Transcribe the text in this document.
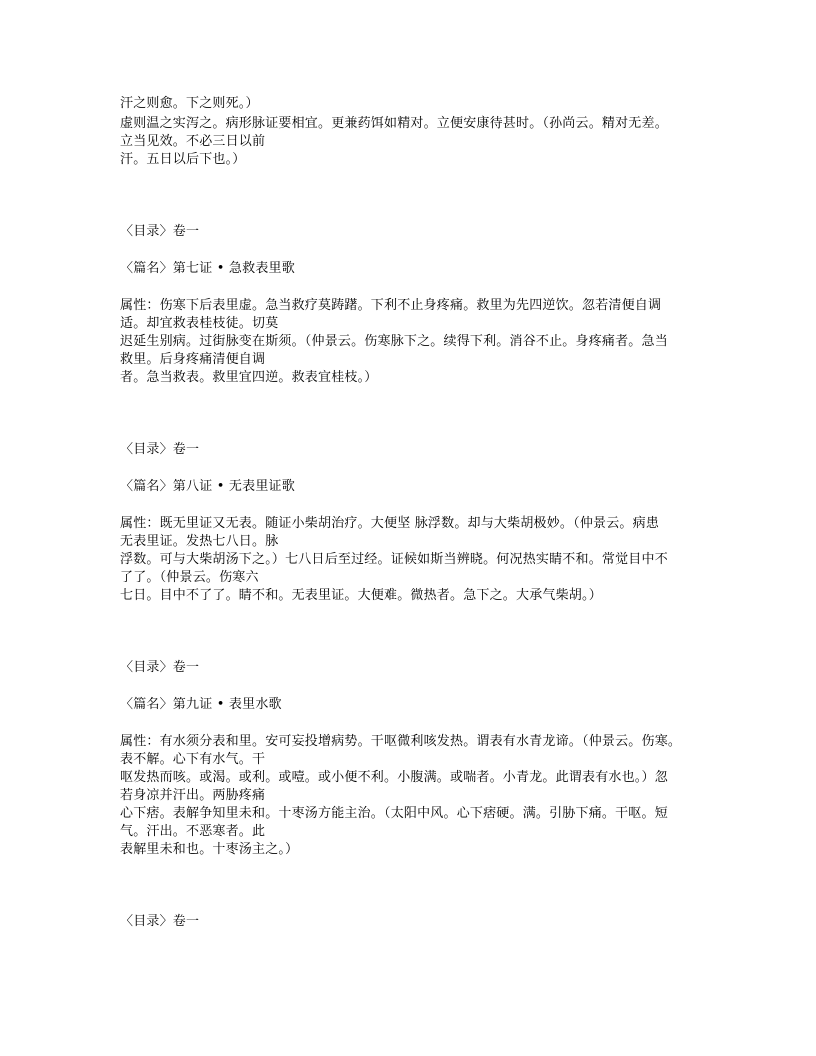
汗之则愈。下之则死。）
虚则温之实泻之。病形脉证要相宜。更兼药饵如精对。立便安康待甚时。（孙尚云。精对无差。
立当见效。不必三日以前
汗。五日以后下也。）
〈目录〉卷一
〈篇名〉第七证 • 急救表里歌
属性：伤寒下后表里虚。急当救疗莫踌躇。下利不止身疼痛。救里为先四逆饮。忽若清便自调
适。却宜救表桂枝徒。切莫
迟延生别病。过街脉变在斯须。（仲景云。伤寒脉下之。续得下利。消谷不止。身疼痛者。急当
救里。后身疼痛清便自调
者。急当救表。救里宜四逆。救表宜桂枝。）
〈目录〉卷一
〈篇名〉第八证 • 无表里证歌
属性：既无里证又无表。随证小柴胡治疗。大便坚 脉浮数。却与大柴胡极妙。（仲景云。病患
无表里证。发热七八日。脉
浮数。可与大柴胡汤下之。）七八日后至过经。证候如斯当辨晓。何况热实睛不和。常觉目中不
了了。（仲景云。伤寒六
七日。目中不了了。睛不和。无表里证。大便难。微热者。急下之。大承气柴胡。）
〈目录〉卷一
〈篇名〉第九证 • 表里水歌
属性：有水须分表和里。安可妄投增病势。干呕微利咳发热。谓表有水青龙谛。（仲景云。伤寒。
表不解。心下有水气。干
呕发热而咳。或渴。或利。或噎。或小便不利。小腹满。或喘者。小青龙。此谓表有水也。）忽
若身凉并汗出。两胁疼痛
心下痞。表解争知里未和。十枣汤方能主治。（太阳中风。心下痞硬。满。引胁下痛。干呕。短
气。汗出。不恶寒者。此
表解里未和也。十枣汤主之。）
〈目录〉卷一
